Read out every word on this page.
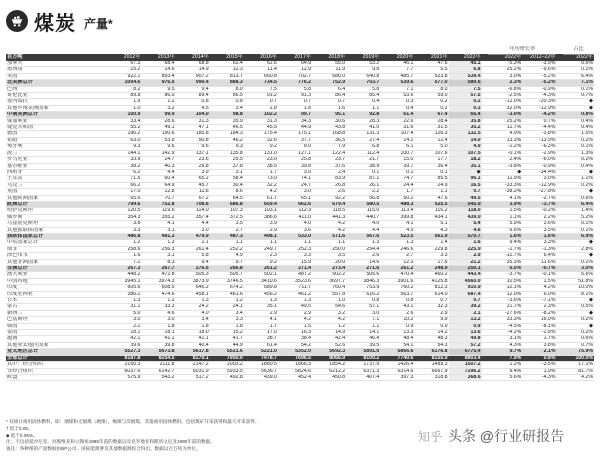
煤炭 产量*
													年均增长率			占比
百万吨	2012年	2013年	2014年	2015年	2016年	2017年	2018年	2019年	2020年	2021年	2022年		2022年	2012–22年		2022年
加拿大	67.3	68.4	68.8	62.4	62.6	64.9	55.0	53.2	46.1	47.6	45.1		-5.3%	-3.9%		0.6%
墨西哥	15.2	14.6	14.9	12.3	11.4	12.9	11.9	9.8	7.7	5.5	6.8		25.2%	-9.6%		0.1%
美国	922.1	893.4	907.2	813.7	660.8	702.7	686.0	640.8	485.7	523.8	539.4		3.0%	-5.2%		6.4%
北美洲总计	1004.6	976.5	990.4	888.3	734.5	776.2	752.9	703.7	539.6	577.0	580.6		2.3%	-5.2%		7.1%
巴西	8.2	9.5	9.4	8.0	7.5	5.8	6.4	5.8	7.1	8.0	7.5		-6.8%	-0.9%		0.1%
哥伦比亚	89.8	86.0	89.4	86.5	91.2	91.3	86.4	85.4	53.6	59.0	57.5		-2.5%	-4.3%		0.7%
委内瑞拉	1.9	1.2	0.8	0.8	0.7	0.7	0.7	0.4	0.3	0.2	0.2		-12.0%	-20.3%		◆
其他中南美洲国家	1.0	3.2	4.5	3.4	2.8	1.8	1.6	1.1	0.4	0.2	0.3		32.0%	-12.9%		◆
中南美洲总计	100.9	99.9	104.0	98.8	102.2	99.7	95.1	92.8	61.4	67.4	65.4		-3.0%	-4.2%		0.8%
保加利亚	33.4	28.6	31.3	35.9	31.3	34.3	30.6	28.3	22.6	28.4	35.8		25.2%	0.7%		0.4%
捷克共和国	55.2	49.1	47.1	46.5	45.5	44.9	43.8	41.0	31.6	31.5	35.2		11.7%	-4.4%		0.4%
德国	196.2	190.6	185.8	184.3	175.4	175.1	168.8	131.3	107.4	126.3	132.5		4.9%	-3.8%		1.5%
希腊	63.0	53.9	50.8	46.2	32.6	37.7	36.5	27.4	14.1	12.4	14.0		13.3%	-13.9%		0.2%
匈牙利	9.3	9.6	9.6	9.3	9.2	8.0	7.9	6.8	6.1	5.0	4.9		-1.2%	-6.3%		0.1%
波兰	144.1	142.9	137.1	135.8	131.0	127.1	122.4	112.4	100.7	107.6	107.5		-0.1%	-2.9%		1.3%
罗马尼亚	33.9	24.7	23.6	25.5	23.0	25.8	23.7	21.7	15.0	17.7	18.2		2.4%	-6.0%		0.2%
塞尔维亚	38.2	40.3	29.8	37.8	38.5	39.8	37.6	38.9	39.7	36.4	35.1		-3.8%	-0.9%		0.4%
西班牙	6.2	4.4	3.9	3.1	1.7	3.0	2.4	0.1	0.1	0.1	◆		◆	-34.4%		◆
土耳其	71.5	60.4	65.2	58.4	73.0	74.1	83.9	87.1	74.7	85.5	96.1		11.9%	3.0%		1.1%
乌克兰	66.2	64.9	45.7	30.4	32.2	24.7	26.8	26.1	24.4	24.9	16.5		-33.3%	-12.9%		0.2%
英国	17.0	12.8	11.6	8.6	4.2	3.0	2.6	2.2	1.7	1.1	0.7		-38.2%	-27.8%		◆
其他欧洲国家	65.6	70.7	67.2	64.5	61.7	65.1	92.2	56.8	50.2	47.6	49.5		4.1%	-2.7%		0.6%
欧洲总计	799.6	752.8	708.6	686.8	659.4	662.6	679.4	580.5	488.3	525.5	545.9		3.9%	-3.7%		6.4%
哈萨克斯坦	120.5	119.6	114.0	107.3	103.1	112.3	118.5	115.0	113.4	116.2	118.0		1.5%	-0.2%		1.4%
俄罗斯	354.3	355.2	357.4	372.5	386.6	411.0	441.3	440.7	399.8	434.1	439.0		1.1%	2.2%		5.2%
乌兹别克斯坦	3.8	4.1	4.4	3.5	3.9	4.0	4.2	4.0	4.1	5.1	5.4		5.9%	3.6%		0.1%
其他独联体国家	3.3	3.1	3.0	2.7	2.9	3.6	4.2	4.4	4.5	4.3	4.6		6.6%	3.5%		0.1%
独联体国家总计	486.8	481.3	479.9	487.3	498.1	533.0	571.6	567.6	523.5	561.9	570.7		1.6%	1.6%		6.9%
中东国家总计	1.2	1.3	1.1	1.1	1.1	1.1	1.1	1.3	1.3	1.4	1.6		9.4%	3.3%		◆
南非	258.6	256.3	261.4	252.2	249.7	252.3	250.0	254.4	246.6	229.8	225.9		-1.7%	-1.3%		2.8%
津巴布韦	1.6	3.1	5.8	4.9	2.3	3.3	3.5	2.6	2.7	3.3	2.9		-11.7%	6.4%		◆
其他非洲国家	7.1	8.3	9.4	9.7	9.2	15.9	20.0	14.6	12.3	17.5	21.2		35.3%	11.6%		0.2%
非洲总计	267.3	267.7	276.6	266.8	261.2	271.4	273.4	271.6	261.2	248.9	250.1		0.5%	-0.7%		3.0%
澳大利亚	448.2	472.8	505.3	505.7	502.1	487.2	502.2	505.6	470.4	460.2	443.4		-3.7%	-0.1%		5.6%
中国内地	3945.1	3974.3	3873.9	3746.5	3410.6	3523.6	3697.7	3846.3	3901.6	4125.8	4560.0		10.5%	1.5%		51.8%
印度	605.6	608.5	646.2	674.2	689.8	711.7	760.4	753.9	760.2	812.3	910.9		12.1%	4.2%		10.0%
印度尼西亚	386.1	474.6	458.1	461.6	456.2	461.2	557.8	616.2	563.7	614.0	687.4		12.0%	6.0%		8.1%
日本	1.3	1.2	1.3	1.2	1.3	1.3	1.0	0.8	0.8	0.7	0.7		-3.6%	-7.1%		◆
蒙古	31.1	33.3	24.2	24.1	35.1	49.5	54.6	57.1	43.1	32.3	39.2		21.7%	2.3%		0.5%
新西兰	5.0	4.6	4.0	3.4	2.9	2.9	3.2	3.0	2.6	2.9	2.1		-27.6%	-8.2%		◆
巴基斯坦	3.0	3.0	3.4	3.3	4.1	4.2	4.2	7.1	10.2	9.9	13.2		33.3%	16.0%		0.2%
韩国	2.1	1.8	1.8	1.8	1.7	1.5	1.2	1.1	0.9	0.9	0.9		-4.5%	-8.1%		◆
泰国	18.1	18.1	18.0	15.2	17.0	16.3	14.9	14.1	13.3	14.2	13.6		-4.2%	-2.8%		0.2%
越南	42.1	41.1	41.1	41.7	38.7	38.4	42.4	46.4	48.4	48.3	49.8		3.1%	1.7%		0.6%
其他亚太地区国家	39.6	39.8	40.4	44.9	61.4	54.2	52.6	39.5	54.1	54.3	57.2		4.3%	3.8%		0.7%
亚太地区总计	5527.3	5673.8	5617.8	5521.6	5221.0	5352.0	5692.3	5891.0	5866.6	6176.8	6775.4		9.7%	2.1%		75.9%
全球总计	8187.8	8254.5	8179.1	7950.0	7478.7	7696.5	8066.9	8109.2	7740.6	8155.9	8803.4		7.9%	0.8%		100.0%
其中：经合组织	2150.3	2111.8	2147.2	2003.2	1880.5	1866.3	1854.2	1737.9	1426.4	1489.3	1507.2		1.2%	-3.5%		17.1%
非经合组织	6037.6	6142.7	6031.9	5933.5	5636.7	5824.6	6212.2	6371.3	6314.6	6667.9	7296.2		9.4%	1.9%		81.7%
欧盟	575.9	543.2	517.2	492.8	439.0	452.4	450.8	407.4	397.3	318.8	368.6		5.6%	-4.3%		4.2%
* 仅统计商用固体燃料，即：烟煤和无烟煤（硬煤），褐煤与次烟煤，其他商用固体燃料。包括煤矿开采获得和露天开采获得。
† 低于0.05。
◆ 低于0.05%。
注：不包括爱沙尼亚。拉脱维亚和立陶宛1985年前的数据以及克罗地亚和斯洛文尼亚1990年前的数据。
备注：各种煤的产量数据由BP公司、国际能源署及其他数据源综合得出。数据以百万吨为单位。
知乎 头条 @行业研报告
